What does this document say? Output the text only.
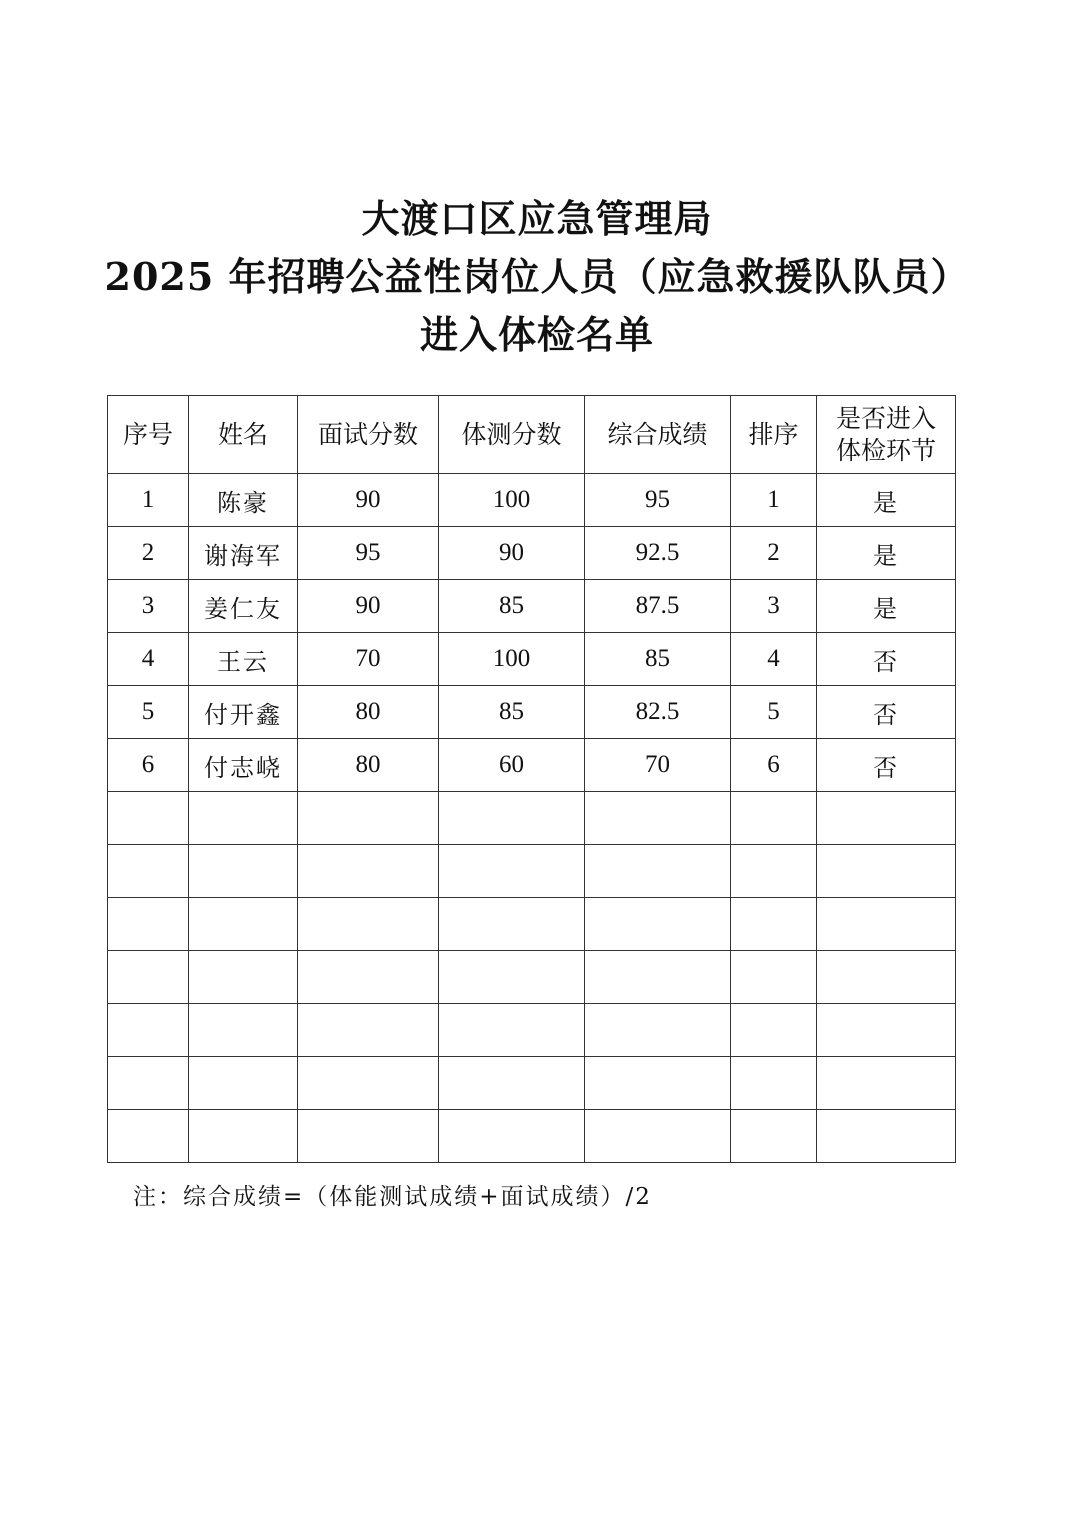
大渡口区应急管理局
2025 年招聘公益性岗位人员（应急救援队队员）
进入体检名单
序号	姓名	面试分数	体测分数	综合成绩	排序	是否进入
体检环节
1	陈豪	90	100	95	1	是
2	谢海军	95	90	92.5	2	是
3	姜仁友	90	85	87.5	3	是
4	王云	70	100	85	4	否
5	付开鑫	80	85	82.5	5	否
6	付志峣	80	60	70	6	否

注：综合成绩=（体能测试成绩+面试成绩）/2
